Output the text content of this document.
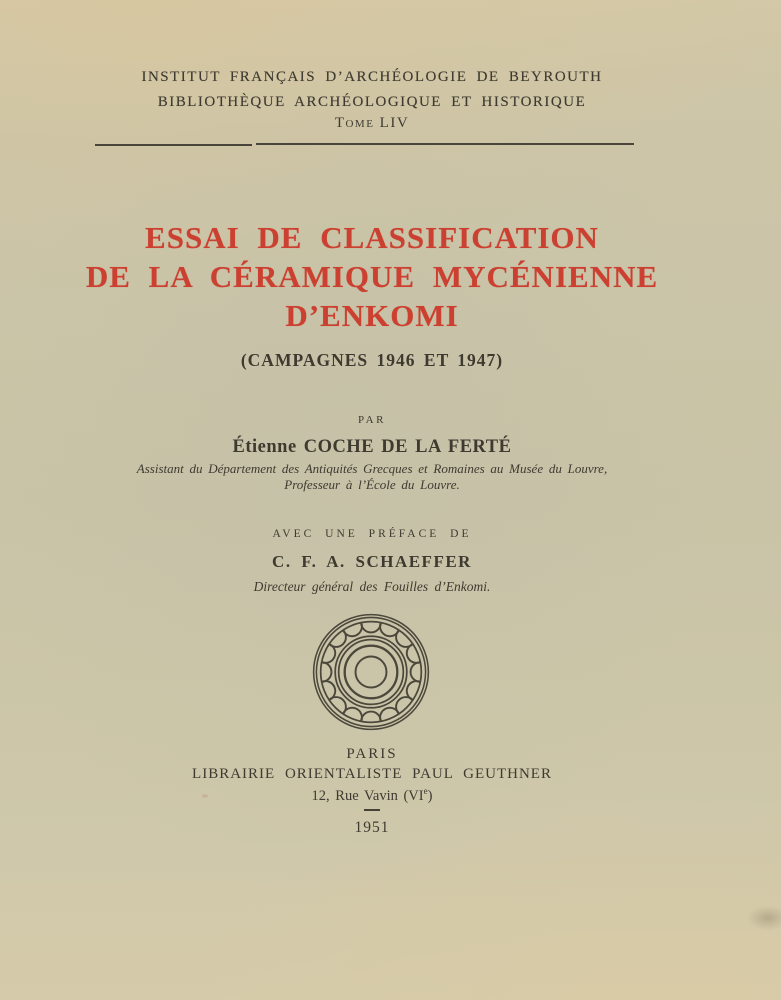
INSTITUT FRANÇAIS D’ARCHÉOLOGIE DE BEYROUTH
BIBLIOTHÈQUE ARCHÉOLOGIQUE ET HISTORIQUE
Tome LIV
ESSAI DE CLASSIFICATION
DE LA CÉRAMIQUE MYCÉNIENNE
D’ENKOMI
(CAMPAGNES 1946 ET 1947)
PAR
Étienne COCHE DE LA FERTÉ
Assistant du Département des Antiquités Grecques et Romaines au Musée du Louvre,
Professeur à l’École du Louvre.
AVEC UNE PRÉFACE DE
C. F. A. SCHAEFFER
Directeur général des Fouilles d’Enkomi.
PARIS
LIBRAIRIE ORIENTALISTE PAUL GEUTHNER
12, Rue Vavin (VIe)
1951
